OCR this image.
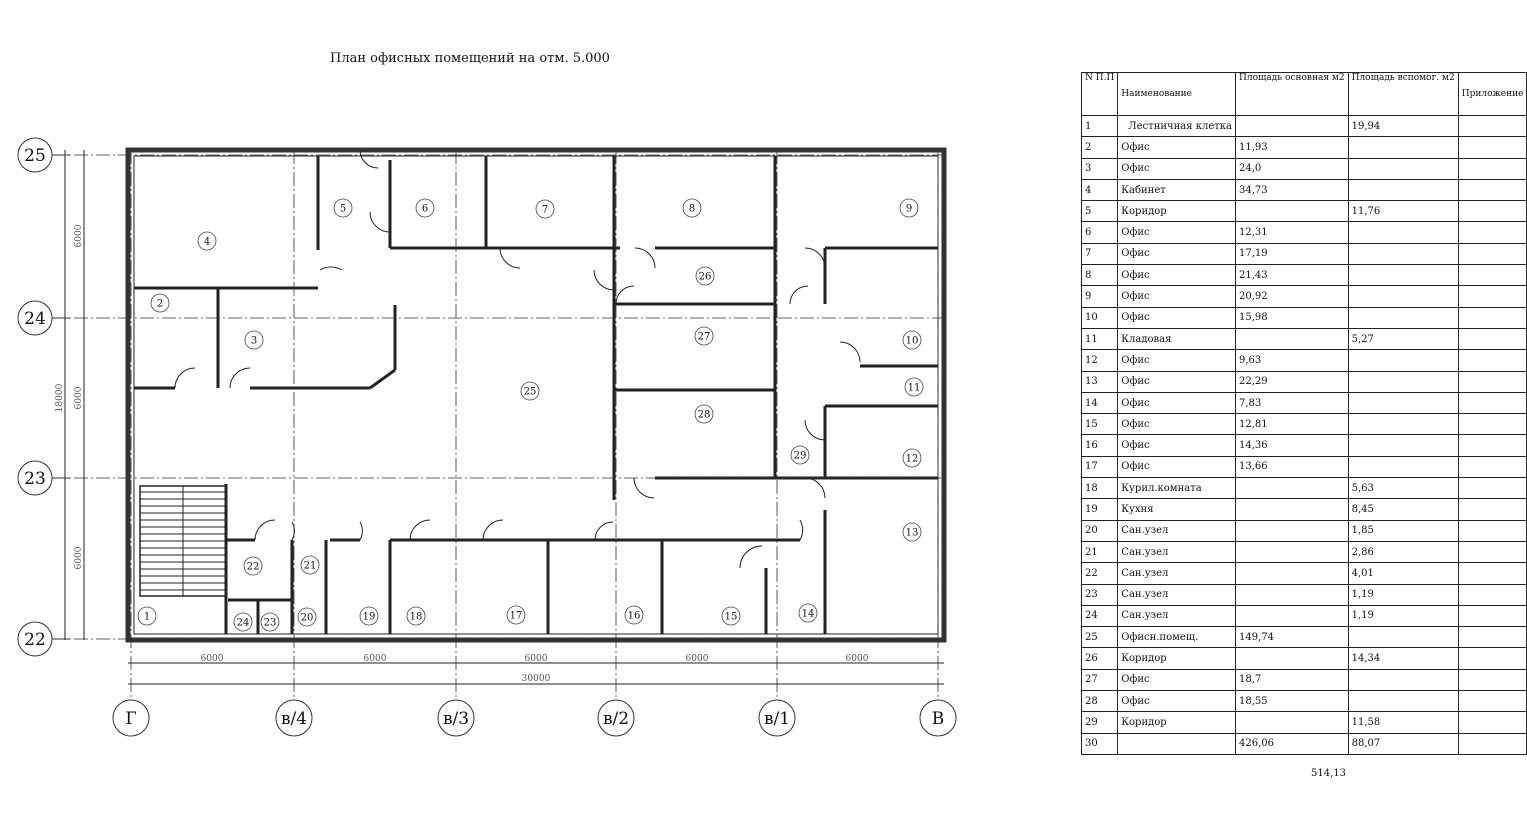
25
24
23
22
Г	в/4	в/3	в/2	в/1	В
6000
6000
6000
18000
6000	6000	6000	6000	6000
30000
1
2
3
4
5	6	7	8	9
10
11
12
13
14
15
16
17
18
19
20
21
22
23
24
25
26
27
28
29
План офисных помещений на отм. 5.000
N П.П	Наименование	Площадь основная м2	Площадь вспомог. м2	Приложение
1	Лестничная клетка		19,94	
2	Офис	11,93		
3	Офис	24,0		
4	Кабинет	34,73		
5	Коридор		11,76	
6	Офис	12,31		
7	Офис	17,19		
8	Офис	21,43		
9	Офис	20,92		
10	Офис	15,98		
11	Кладовая		5,27	
12	Офис	9,63		
13	Офис	22,29		
14	Офис	7,83		
15	Офис	12,81		
16	Офис	14,36		
17	Офис	13,66		
18	Курил.комната		5,63	
19	Кухня		8,45	
20	Сан.узел		1,85	
21	Сан.узел		2,86	
22	Сан.узел		4,01	
23	Сан.узел		1,19	
24	Сан.узел		1,19	
25	Офисн.помещ.	149,74		
26	Коридор		14,34	
27	Офис	18,7		
28	Офис	18,55		
29	Коридор		11,58	
30		426,06	88,07	
514,13
